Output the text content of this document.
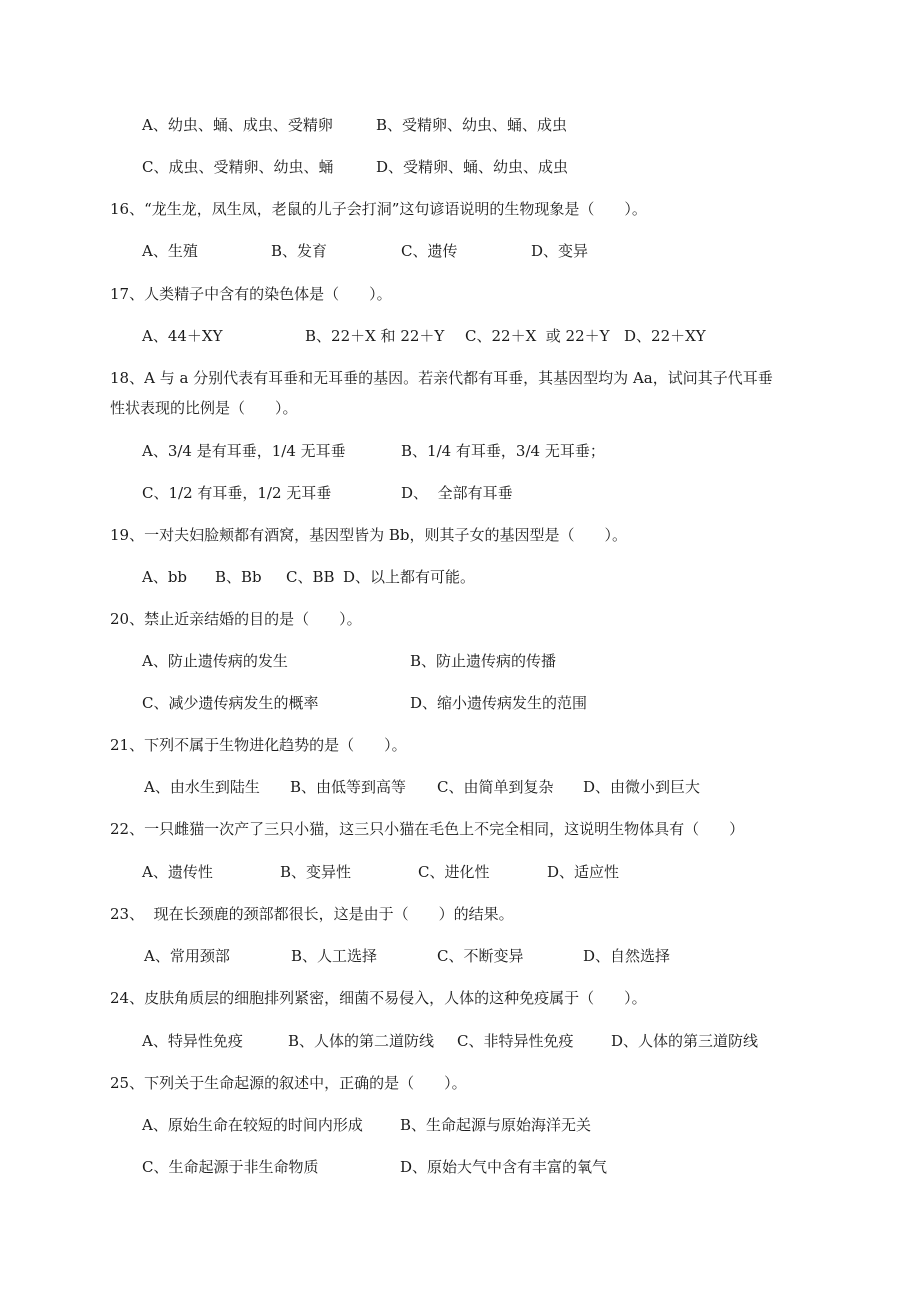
A、幼虫、蛹、成虫、受精卵

	B、受精卵、幼虫、蛹、成虫

C、成虫、受精卵、幼虫、蛹

	D、受精卵、蛹、幼虫、成虫

16、“龙生龙，凤生凤，老鼠的儿子会打洞”这句谚语说明的生物现象是（　　）。

A、生殖

	B、发育

	C、遗传

	D、变异

17、人类精子中含有的染色体是（　　）。

A、44＋XY

	B、22＋X 和 22＋Y

C、22＋X  或 22＋Y

D、22＋XY

18、A 与 a 分别代表有耳垂和无耳垂的基因。若亲代都有耳垂，其基因型均为 Aa，试问其子代耳垂
性状表现的比例是（　　）。

A、3/4 是有耳垂，1/4 无耳垂

	B、1/4 有耳垂，3/4 无耳垂；

C、1/2 有耳垂，1/2 无耳垂

	D、  全部有耳垂

19、一对夫妇脸颊都有酒窝，基因型皆为 Bb，则其子女的基因型是（　　）。

A、bb

B、Bb

C、BB

D、以上都有可能。

20、禁止近亲结婚的目的是（　　）。

A、防止遗传病的发生

	B、防止遗传病的传播

C、减少遗传病发生的概率

	D、缩小遗传病发生的范围

21、下列不属于生物进化趋势的是（　　）。

A、由水生到陆生

B、由低等到高等

C、由简单到复杂

D、由微小到巨大

22、一只雌猫一次产了三只小猫，这三只小猫在毛色上不完全相同，这说明生物体具有（　　）

A、遗传性

	B、变异性

	C、进化性

	D、适应性

23、  现在长颈鹿的颈部都很长，这是由于（　　）的结果。

A、常用颈部

	B、人工选择

	C、不断变异

	D、自然选择

24、皮肤角质层的细胞排列紧密，细菌不易侵入，人体的这种免疫属于（　　）。

A、特异性免疫

	B、人体的第二道防线

C、非特异性免疫

	D、人体的第三道防线

25、下列关于生命起源的叙述中，正确的是（　　）。

A、原始生命在较短的时间内形成

B、生命起源与原始海洋无关

C、生命起源于非生命物质

	D、原始大气中含有丰富的氧气
